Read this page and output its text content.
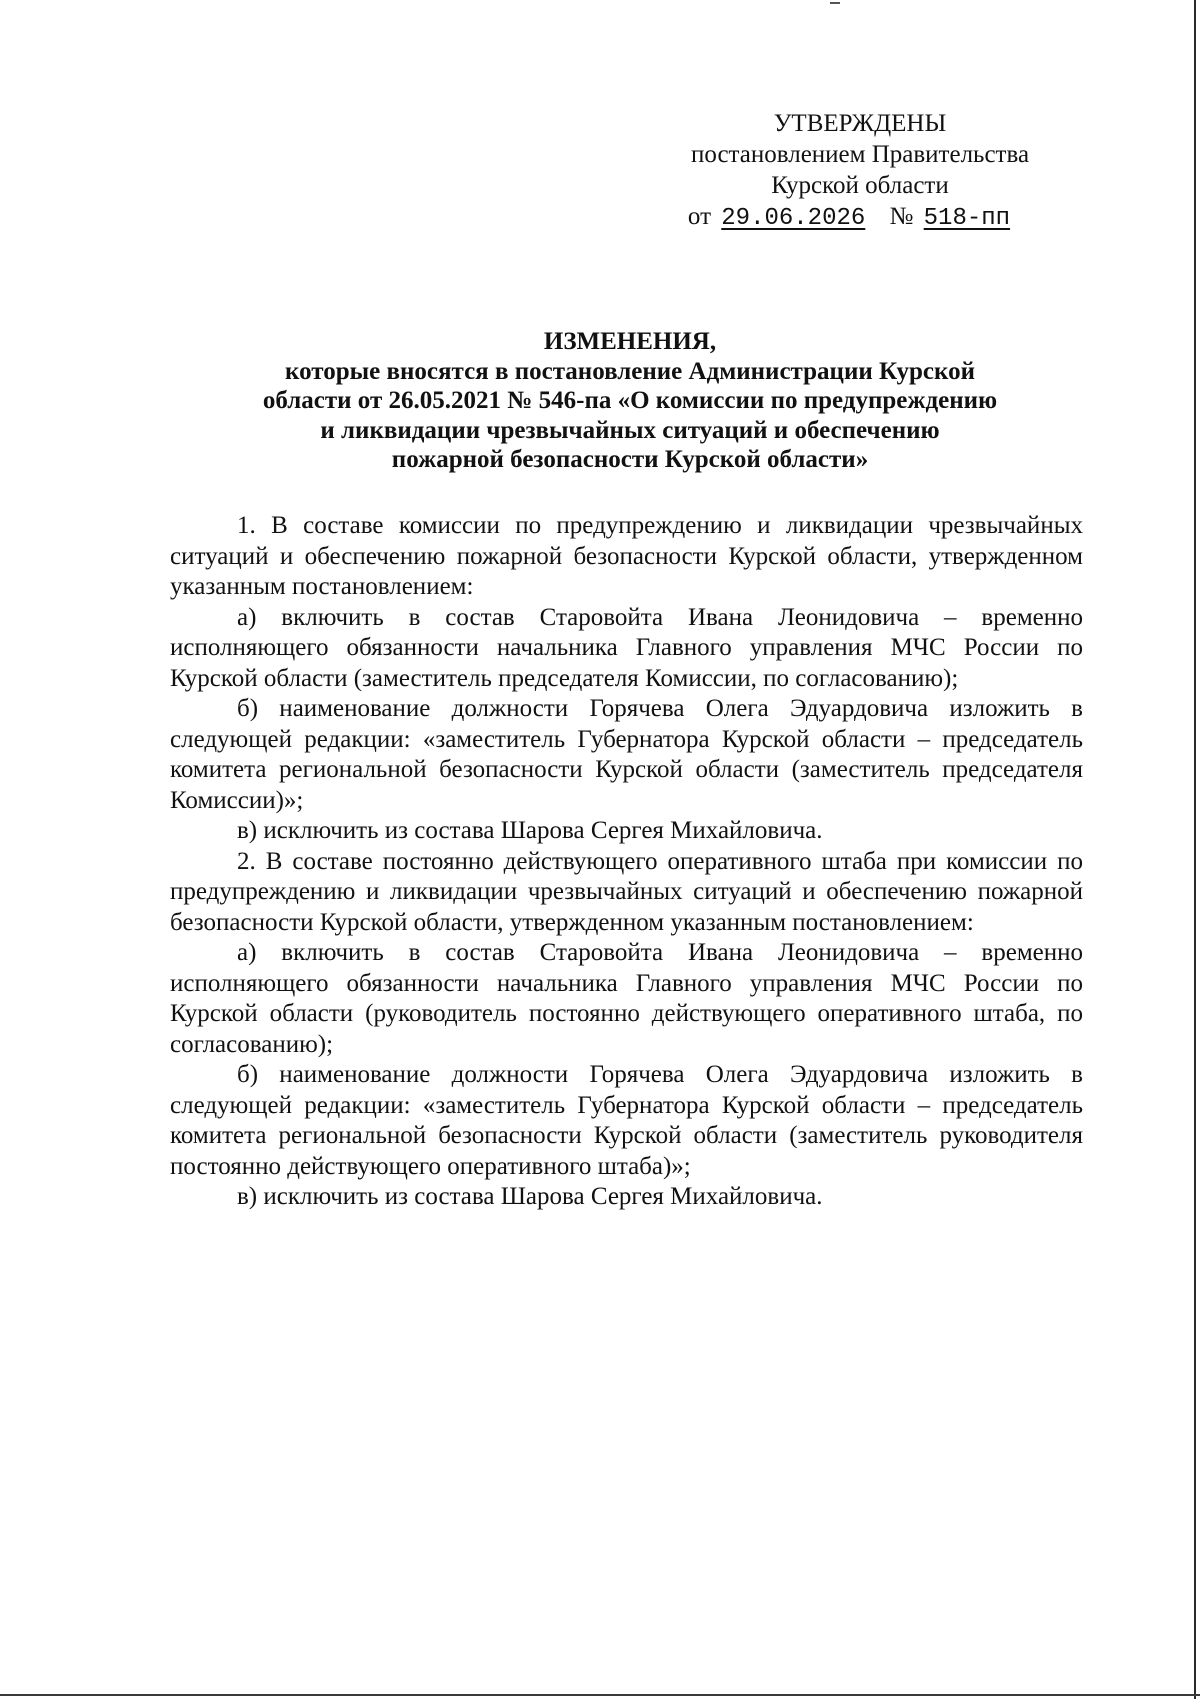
УТВЕРЖДЕНЫ
постановлением Правительства
Курской области
от 29.06.2026 № 518-пп
ИЗМЕНЕНИЯ,
которые вносятся в постановление Администрации Курской
области от 26.05.2021 № 546-па «О комиссии по предупреждению
и ликвидации чрезвычайных ситуаций и обеспечению
пожарной безопасности Курской области»

1. В составе комиссии по предупреждению и ликвидации чрезвычайных ситуаций и обеспечению пожарной безопасности Курской области, утвержденном указанным постановлением:

а) включить в состав Старовойта Ивана Леонидовича – временно исполняющего обязанности начальника Главного управления МЧС России по Курской области (заместитель председателя Комиссии, по согласованию);

б) наименование должности Горячева Олега Эдуардовича изложить в следующей редакции: «заместитель Губернатора Курской области – председатель комитета региональной безопасности Курской области (заместитель председателя Комиссии)»;

в) исключить из состава Шарова Сергея Михайловича.

2. В составе постоянно действующего оперативного штаба при комиссии по предупреждению и ликвидации чрезвычайных ситуаций и обеспечению пожарной безопасности Курской области, утвержденном указанным постановлением:

а) включить в состав Старовойта Ивана Леонидовича – временно исполняющего обязанности начальника Главного управления МЧС России по Курской области (руководитель постоянно действующего оперативного штаба, по согласованию);

б) наименование должности Горячева Олега Эдуардовича изложить в следующей редакции: «заместитель Губернатора Курской области – председатель комитета региональной безопасности Курской области (заместитель руководителя постоянно действующего оперативного штаба)»;

в) исключить из состава Шарова Сергея Михайловича.
